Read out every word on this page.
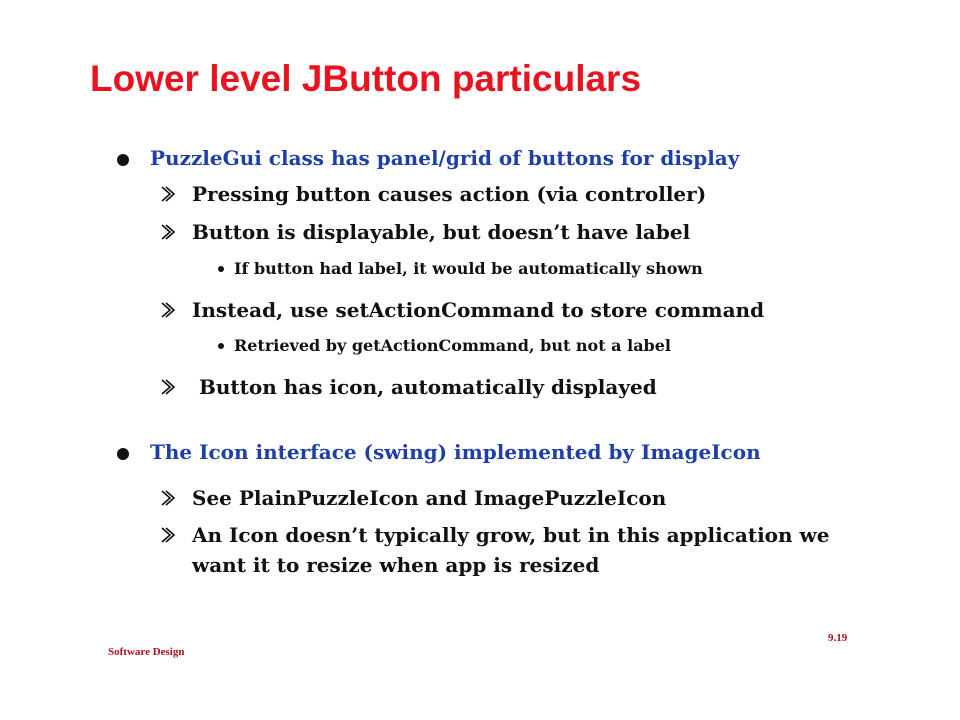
Lower level JButton particulars
PuzzleGui class has panel/grid of buttons for display
Pressing button causes action (via controller)
Button is displayable, but doesn’t have label
If button had label, it would be automatically shown
Instead, use setActionCommand to store command
Retrieved by getActionCommand, but not a label
Button has icon, automatically displayed
The Icon interface (swing) implemented by ImageIcon
See PlainPuzzleIcon and ImagePuzzleIcon
An Icon doesn’t typically grow, but in this application we want it to resize when app is resized
Software Design
9.19
